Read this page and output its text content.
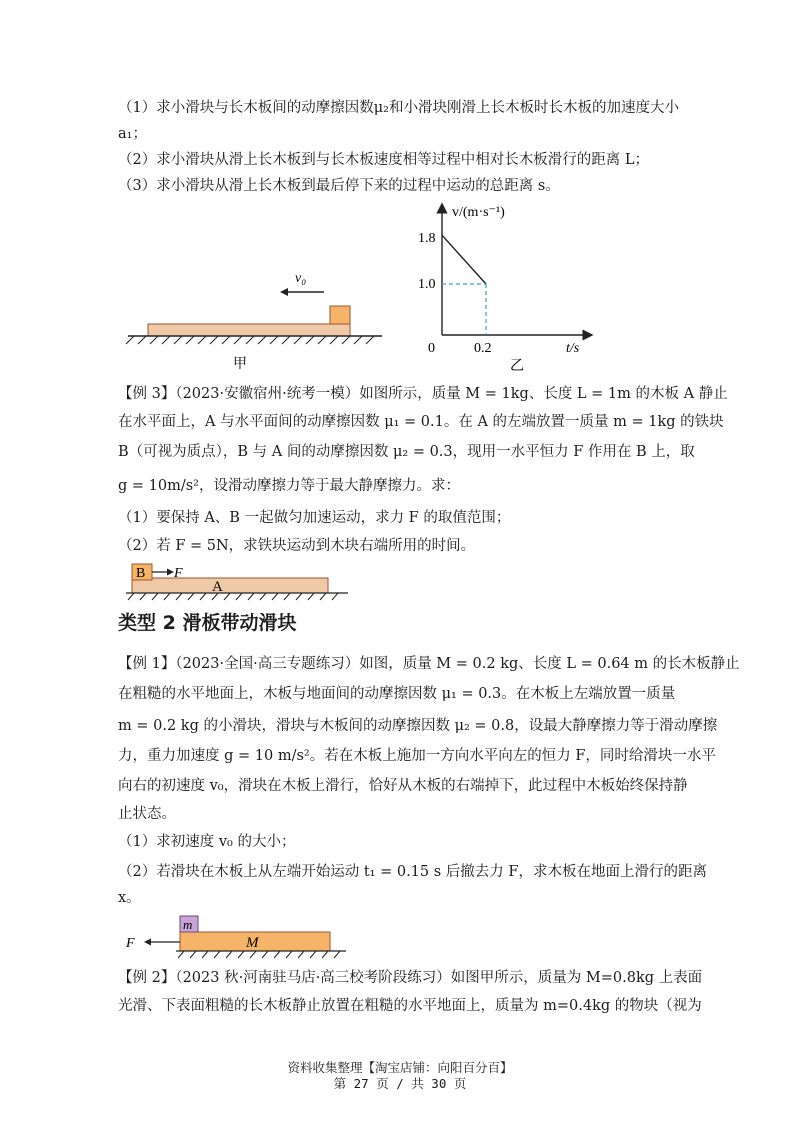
（1）求小滑块与长木板间的动摩擦因数μ₂和小滑块刚滑上长木板时长木板的加速度大小
a₁；
（2）求小滑块从滑上长木板到与长木板速度相等过程中相对长木板滑行的距离 L；
（3）求小滑块从滑上长木板到最后停下来的过程中运动的总距离 s。
v₀
甲
v/(m·s⁻¹)
t/s
0
1.8
1.0
0.2
乙
【例 3】（2023·安徽宿州·统考一模）如图所示，质量 M = 1kg、长度 L = 1m 的木板 A 静止
在水平面上，A 与水平面间的动摩擦因数 μ₁ = 0.1。在 A 的左端放置一质量 m = 1kg 的铁块
B（可视为质点），B 与 A 间的动摩擦因数 μ₂ = 0.3，现用一水平恒力 F 作用在 B 上，取
g = 10m/s²，设滑动摩擦力等于最大静摩擦力。求：
（1）要保持 A、B 一起做匀加速运动，求力 F 的取值范围；
（2）若 F = 5N，求铁块运动到木块右端所用的时间。
B
A
F
类型 2 滑板带动滑块
【例 1】（2023·全国·高三专题练习）如图，质量 M = 0.2 kg、长度 L = 0.64 m 的长木板静止
在粗糙的水平地面上，木板与地面间的动摩擦因数 μ₁ = 0.3。在木板上左端放置一质量
m = 0.2 kg 的小滑块，滑块与木板间的动摩擦因数 μ₂ = 0.8，设最大静摩擦力等于滑动摩擦
力，重力加速度 g = 10 m/s²。若在木板上施加一方向水平向左的恒力 F，同时给滑块一水平
向右的初速度 v₀，滑块在木板上滑行，恰好从木板的右端掉下，此过程中木板始终保持静
止状态。
（1）求初速度 v₀ 的大小；
（2）若滑块在木板上从左端开始运动 t₁ = 0.15 s 后撤去力 F，求木板在地面上滑行的距离
x。
m
M
F
【例 2】（2023 秋·河南驻马店·高三校考阶段练习）如图甲所示，质量为 M=0.8kg 上表面
光滑、下表面粗糙的长木板静止放置在粗糙的水平地面上，质量为 m=0.4kg 的物块（视为
资料收集整理【淘宝店铺：向阳百分百】
第 27 页 / 共 30 页
